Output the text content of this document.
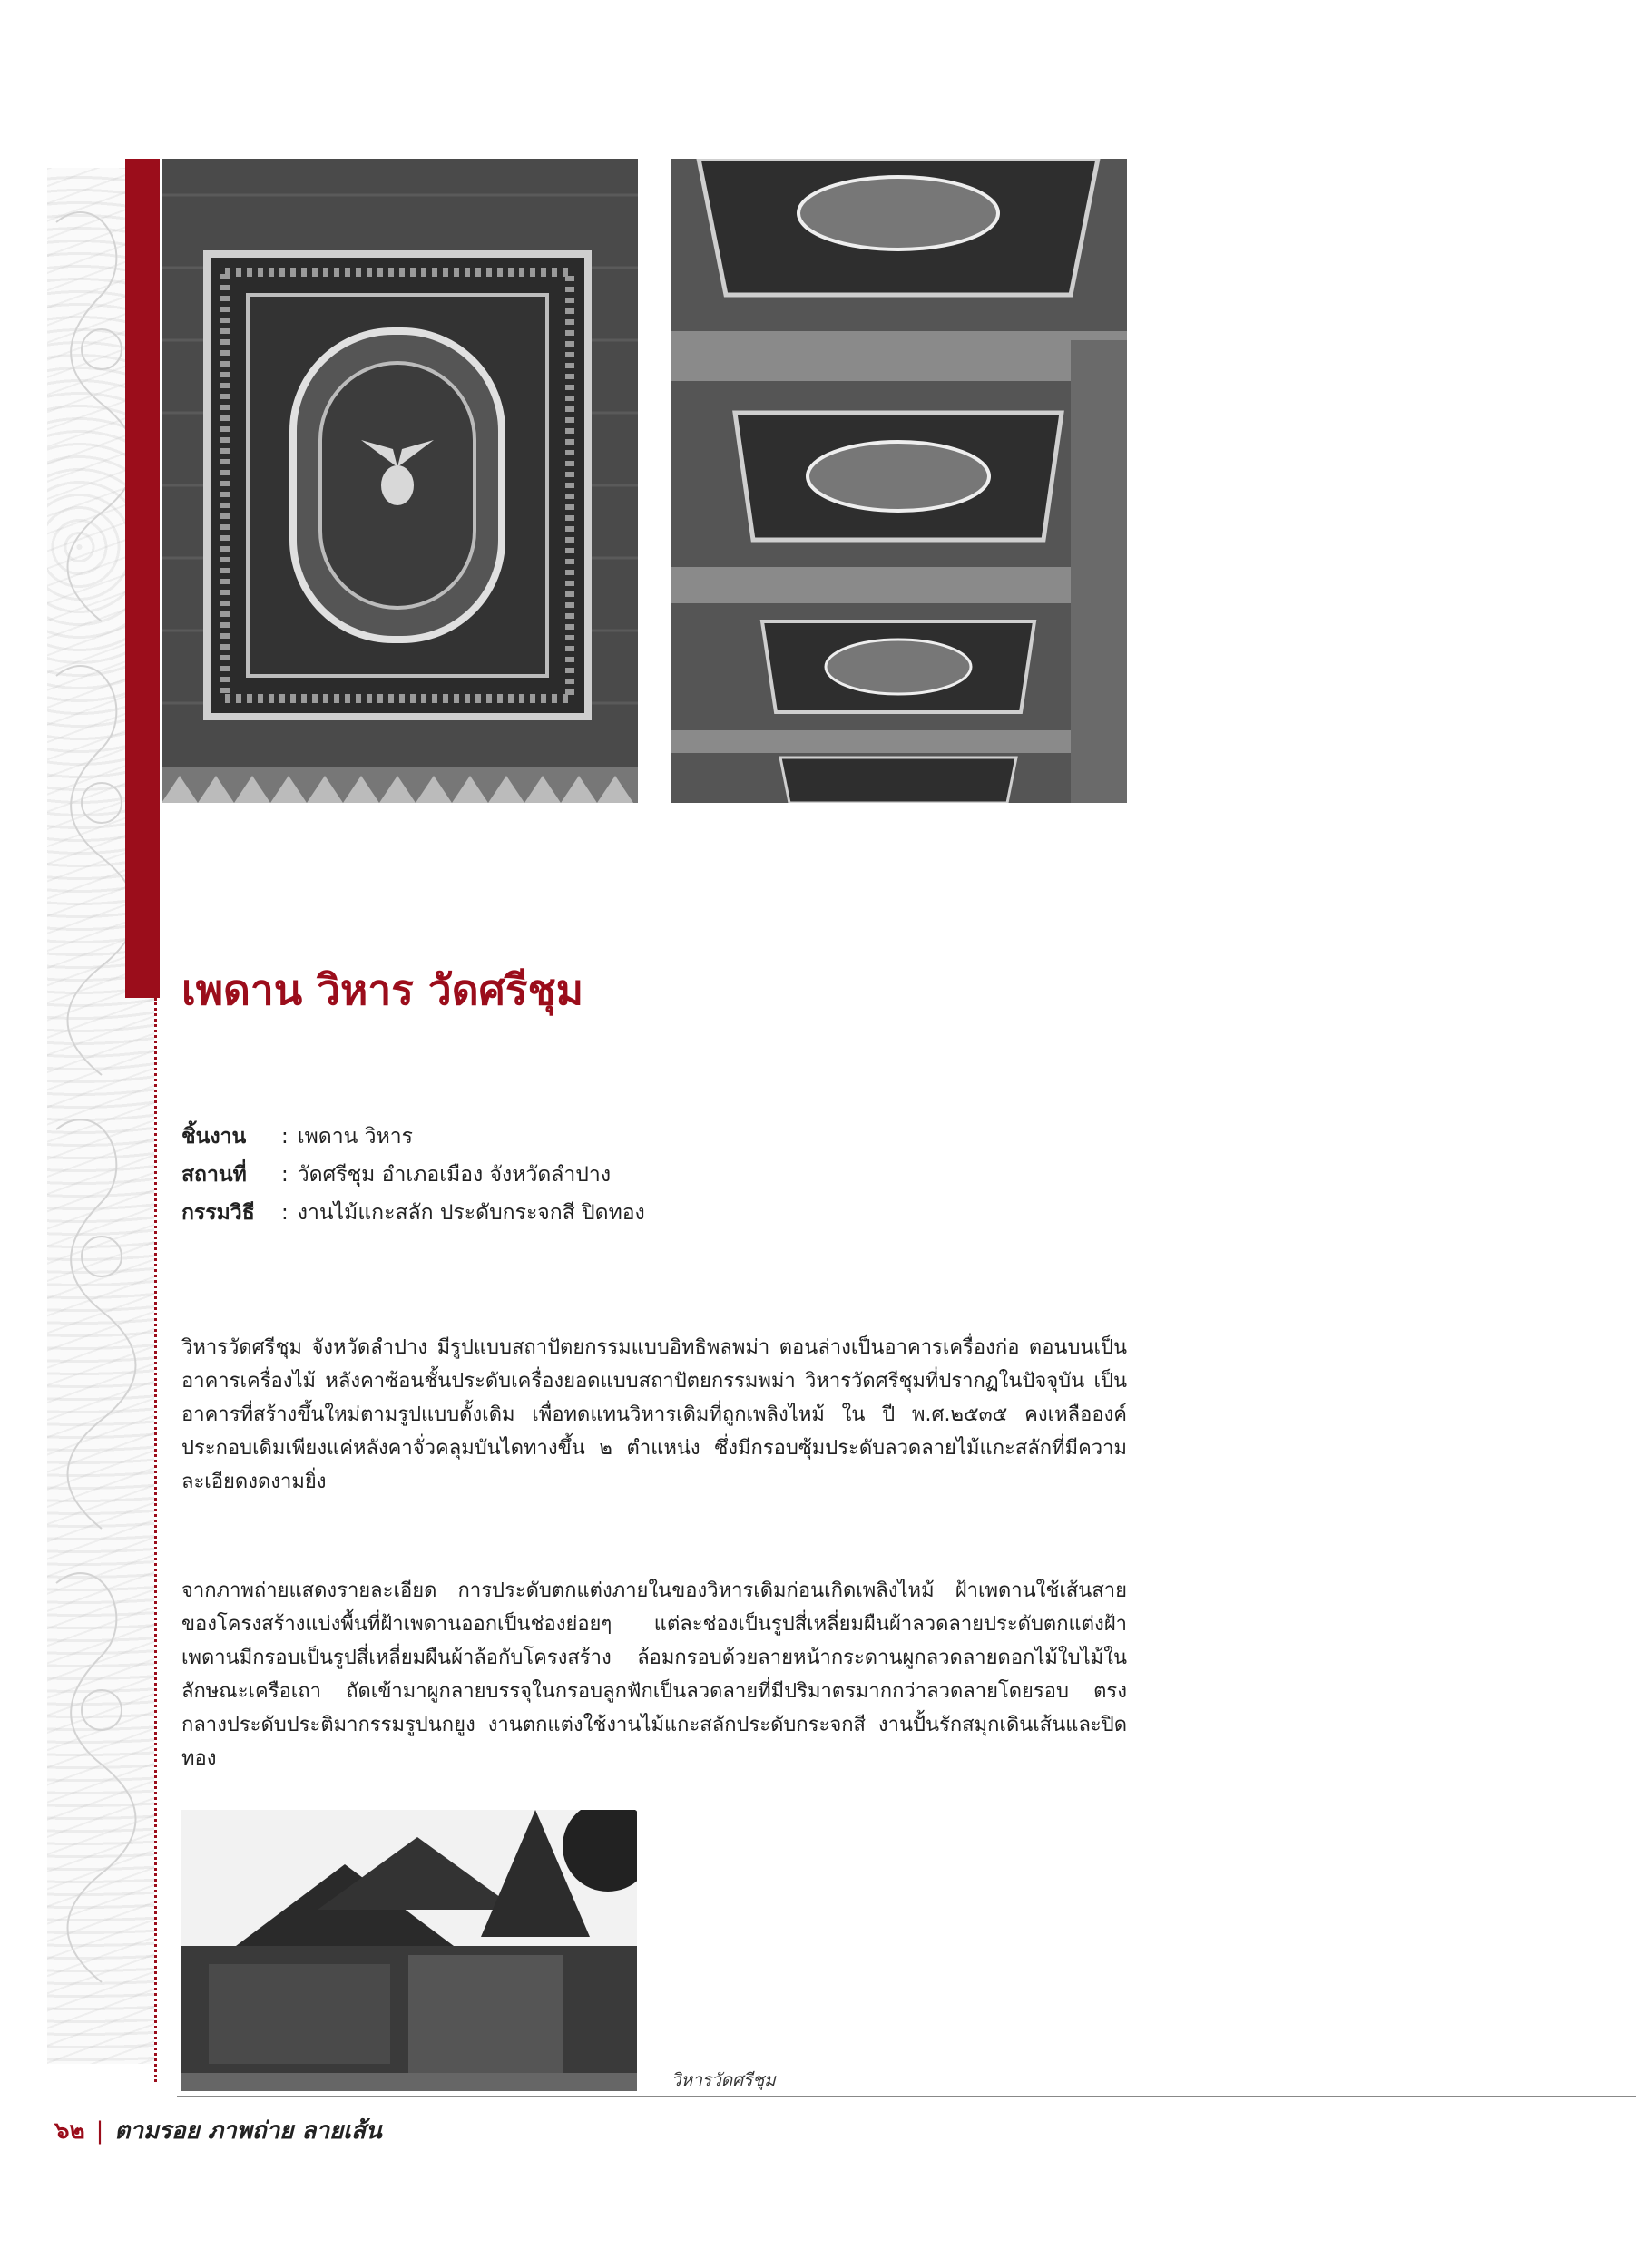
เพดาน วิหาร วัดศรีชุม
ชิ้นงาน : เพดาน วิหาร
สถานที่ : วัดศรีชุม อำเภอเมือง จังหวัดลำปาง
กรรมวิธี : งานไม้แกะสลัก ประดับกระจกสี ปิดทอง

วิหารวัดศรีชุม จังหวัดลำปาง มีรูปแบบสถาปัตยกรรมแบบอิทธิพลพม่า ตอนล่างเป็นอาคารเครื่องก่อ ตอนบนเป็นอาคารเครื่องไม้ หลังคาซ้อนชั้นประดับเครื่องยอดแบบสถาปัตยกรรมพม่า วิหารวัดศรีชุมที่ปรากฏในปัจจุบัน เป็นอาคารที่สร้างขึ้นใหม่ตามรูปแบบดั้งเดิม เพื่อทดแทนวิหารเดิมที่ถูกเพลิงไหม้ ใน ปี พ.ศ.๒๕๓๕ คงเหลือองค์ประกอบเดิมเพียงแค่หลังคาจั่วคลุมบันไดทางขึ้น ๒ ตำแหน่ง ซึ่งมีกรอบซุ้มประดับลวดลายไม้แกะสลักที่มีความละเอียดงดงามยิ่ง

จากภาพถ่ายแสดงรายละเอียด การประดับตกแต่งภายในของวิหารเดิมก่อนเกิดเพลิงไหม้ ฝ้าเพดานใช้เส้นสายของโครงสร้างแบ่งพื้นที่ฝ้าเพดานออกเป็นช่องย่อยๆ แต่ละช่องเป็นรูปสี่เหลี่ยมผืนผ้าลวดลายประดับตกแต่งฝ้าเพดานมีกรอบเป็นรูปสี่เหลี่ยมผืนผ้าล้อกับโครงสร้าง ล้อมกรอบด้วยลายหน้ากระดานผูกลวดลายดอกไม้ใบไม้ในลักษณะเครือเถา ถัดเข้ามาผูกลายบรรจุในกรอบลูกฟักเป็นลวดลายที่มีปริมาตรมากกว่าลวดลายโดยรอบ ตรงกลางประดับประติมากรรมรูปนกยูง งานตกแต่งใช้งานไม้แกะสลักประดับกระจกสี งานปั้นรักสมุกเดินเส้นและปิดทอง

วิหารวัดศรีชุม
๖๒ | ตามรอย ภาพถ่าย ลายเส้น
